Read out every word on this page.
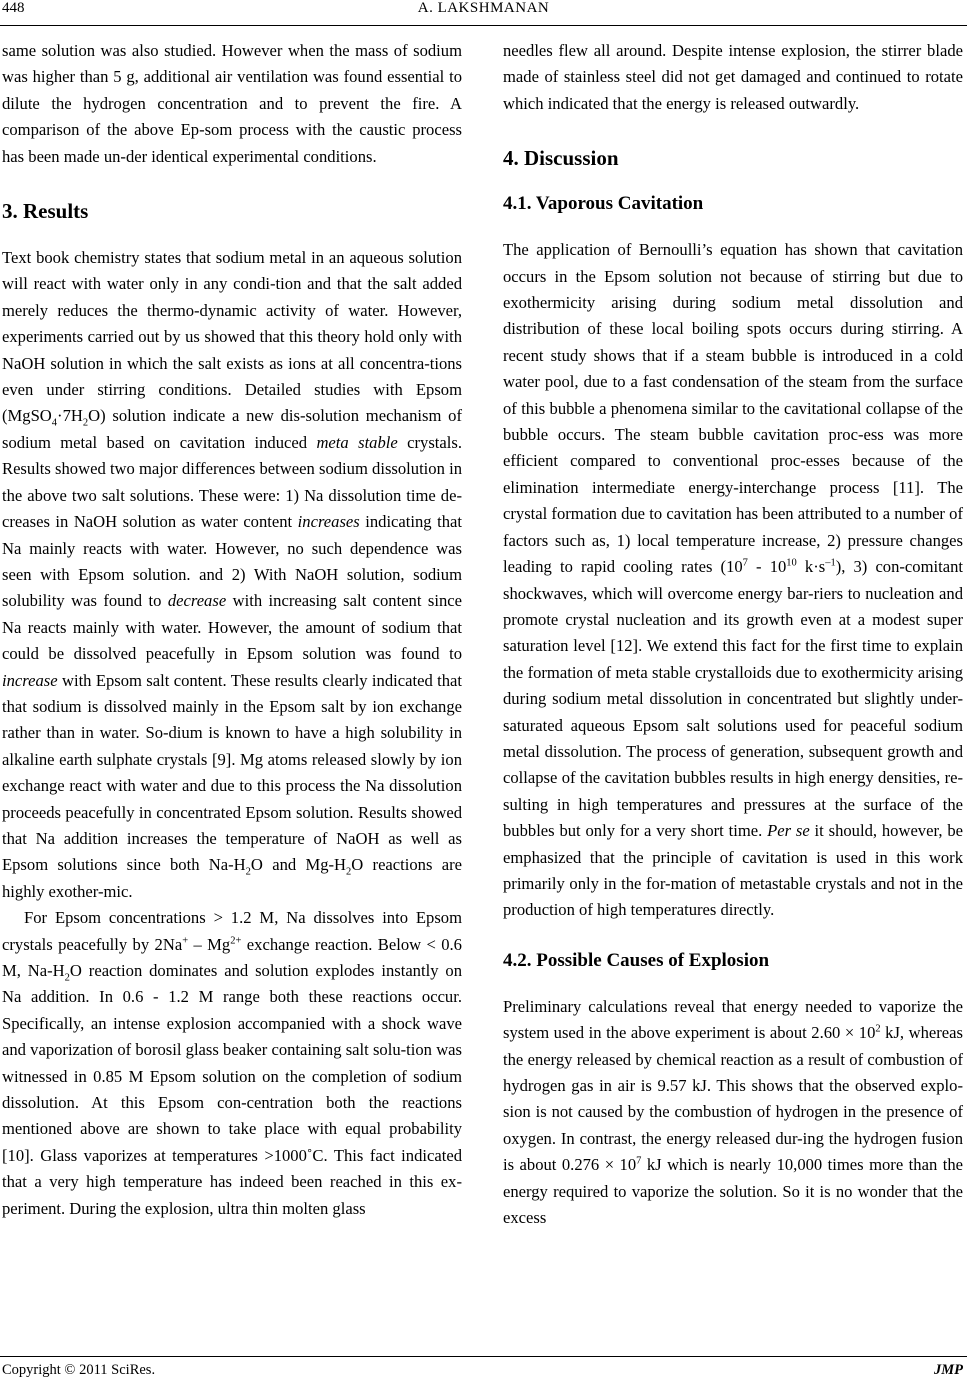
448	A. LAKSHMANAN

same solution was also studied. However when the mass of sodium was higher than 5 g, additional air ventilation was found essential to dilute the hydrogen concentration and to prevent the fire. A comparison of the above Ep-som process with the caustic process has been made un-der identical experimental conditions.

3. Results

Text book chemistry states that sodium metal in an aqueous solution will react with water only in any condi-tion and that the salt added merely reduces the thermo-dynamic activity of water. However, experiments carried out by us showed that this theory hold only with NaOH solution in which the salt exists as ions at all concentra-tions even under stirring conditions. Detailed studies with Epsom $(MgSO_4\cdot 7H_2O)$ solution indicate a new dis-solution mechanism of sodium metal based on cavitation induced meta stable crystals. Results showed two major differences between sodium dissolution in the above two salt solutions. These were: 1) Na dissolution time de-creases in NaOH solution as water content increases indicating that Na mainly reacts with water. However, no such dependence was seen with Epsom solution. and 2) With NaOH solution, sodium solubility was found to decrease with increasing salt content since Na reacts mainly with water. However, the amount of sodium that could be dissolved peacefully in Epsom solution was found to increase with Epsom salt content. These results clearly indicated that that sodium is dissolved mainly in the Epsom salt by ion exchange rather than in water. So-dium is known to have a high solubility in alkaline earth sulphate crystals [9]. Mg atoms released slowly by ion exchange react with water and due to this process the Na dissolution proceeds peacefully in concentrated Epsom solution. Results showed that Na addition increases the temperature of NaOH as well as Epsom solutions since both $Na-H_2O$ and $Mg-H_2O$ reactions are highly exother-mic.

For Epsom concentrations > 1.2 M, Na dissolves into Epsom crystals peacefully by $2Na^+ - Mg^{2+}$ exchange reaction. Below < 0.6 M, $Na-H_2O$ reaction dominates and solution explodes instantly on Na addition. In 0.6 - 1.2 M range both these reactions occur. Specifically, an intense explosion accompanied with a shock wave and vaporization of borosil glass beaker containing salt solu-tion was witnessed in 0.85 M Epsom solution on the completion of sodium dissolution. At this Epsom con-centration both the reactions mentioned above are shown to take place with equal probability [10]. Glass vaporizes at temperatures >1000˚C. This fact indicated that a very high temperature has indeed been reached in this ex-periment. During the explosion, ultra thin molten glass

needles flew all around. Despite intense explosion, the stirrer blade made of stainless steel did not get damaged and continued to rotate which indicated that the energy is released outwardly.

4. Discussion
4.1. Vaporous Cavitation

The application of Bernoulli’s equation has shown that cavitation occurs in the Epsom solution not because of stirring but due to exothermicity arising during sodium metal dissolution and distribution of these local boiling spots occurs during stirring. A recent study shows that if a steam bubble is introduced in a cold water pool, due to a fast condensation of the steam from the surface of this bubble a phenomena similar to the cavitational collapse of the bubble occurs. The steam bubble cavitation proc-ess was more efficient compared to conventional proc-esses because of the elimination intermediate energy-interchange process [11]. The crystal formation due to cavitation has been attributed to a number of factors such as, 1) local temperature increase, 2) pressure changes leading to rapid cooling rates ($10^7 - 10^{10}$ $k\cdot s^{-1}$), 3) con-comitant shockwaves, which will overcome energy bar-riers to nucleation and promote crystal nucleation and its growth even at a modest super saturation level [12]. We extend this fact for the first time to explain the formation of meta stable crystalloids due to exothermicity arising during sodium metal dissolution in concentrated but slightly under-saturated aqueous Epsom salt solutions used for peaceful sodium metal dissolution. The process of generation, subsequent growth and collapse of the cavitation bubbles results in high energy densities, re-sulting in high temperatures and pressures at the surface of the bubbles but only for a very short time. Per se it should, however, be emphasized that the principle of cavitation is used in this work primarily only in the for-mation of metastable crystals and not in the production of high temperatures directly.

4.2. Possible Causes of Explosion

Preliminary calculations reveal that energy needed to vaporize the system used in the above experiment is about $2.60 \times 10^2$ kJ, whereas the energy released by chemical reaction as a result of combustion of hydrogen gas in air is 9.57 kJ. This shows that the observed explo-sion is not caused by the combustion of hydrogen in the presence of oxygen. In contrast, the energy released dur-ing the hydrogen fusion is about $0.276 \times 10^7$ kJ which is nearly 10,000 times more than the energy required to vaporize the solution. So it is no wonder that the excess

Copyright © 2011 SciRes.	JMP
